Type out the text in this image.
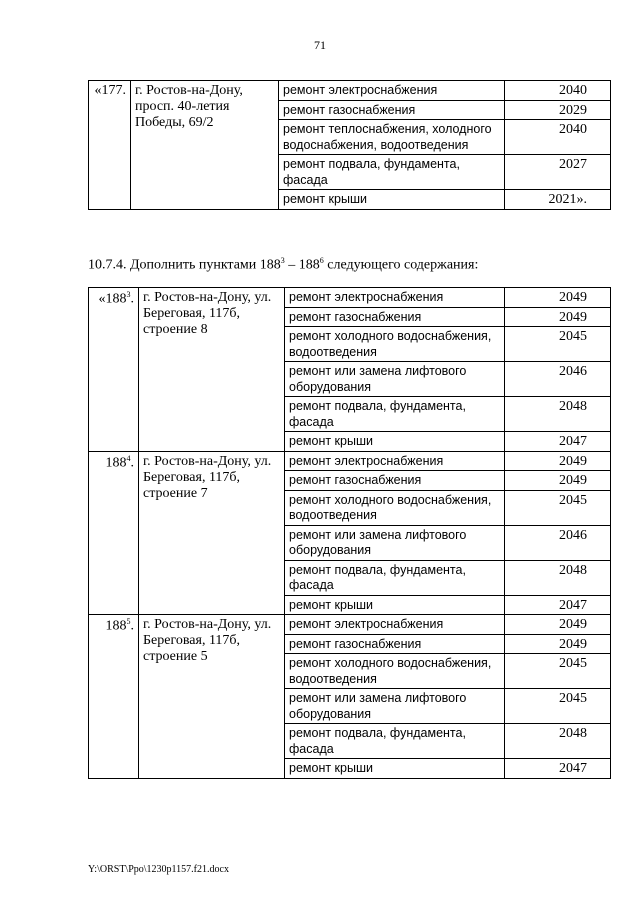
71
«177.	г. Ростов-на-Дону, просп. 40-летия Победы, 69/2	ремонт электроснабжения	2040
		ремонт газоснабжения	2029
		ремонт теплоснабжения, холодного водоснабжения, водоотведения	2040
		ремонт подвала, фундамента, фасада	2027
		ремонт крыши	2021».
10.7.4. Дополнить пунктами $188^3 - 188^6$ следующего содержания:
«$188^3$.	г. Ростов-на-Дону, ул. Береговая, 117б, строение 8	ремонт электроснабжения	2049
		ремонт газоснабжения	2049
		ремонт холодного водоснабжения, водоотведения	2045
		ремонт или замена лифтового оборудования	2046
		ремонт подвала, фундамента, фасада	2048
		ремонт крыши	2047
$188^4$.	г. Ростов-на-Дону, ул. Береговая, 117б, строение 7	ремонт электроснабжения	2049
		ремонт газоснабжения	2049
		ремонт холодного водоснабжения, водоотведения	2045
		ремонт или замена лифтового оборудования	2046
		ремонт подвала, фундамента, фасада	2048
		ремонт крыши	2047
$188^5$.	г. Ростов-на-Дону, ул. Береговая, 117б, строение 5	ремонт электроснабжения	2049
		ремонт газоснабжения	2049
		ремонт холодного водоснабжения, водоотведения	2045
		ремонт или замена лифтового оборудования	2045
		ремонт подвала, фундамента, фасада	2048
		ремонт крыши	2047
Y:\ORST\Ppo\1230p1157.f21.docx
